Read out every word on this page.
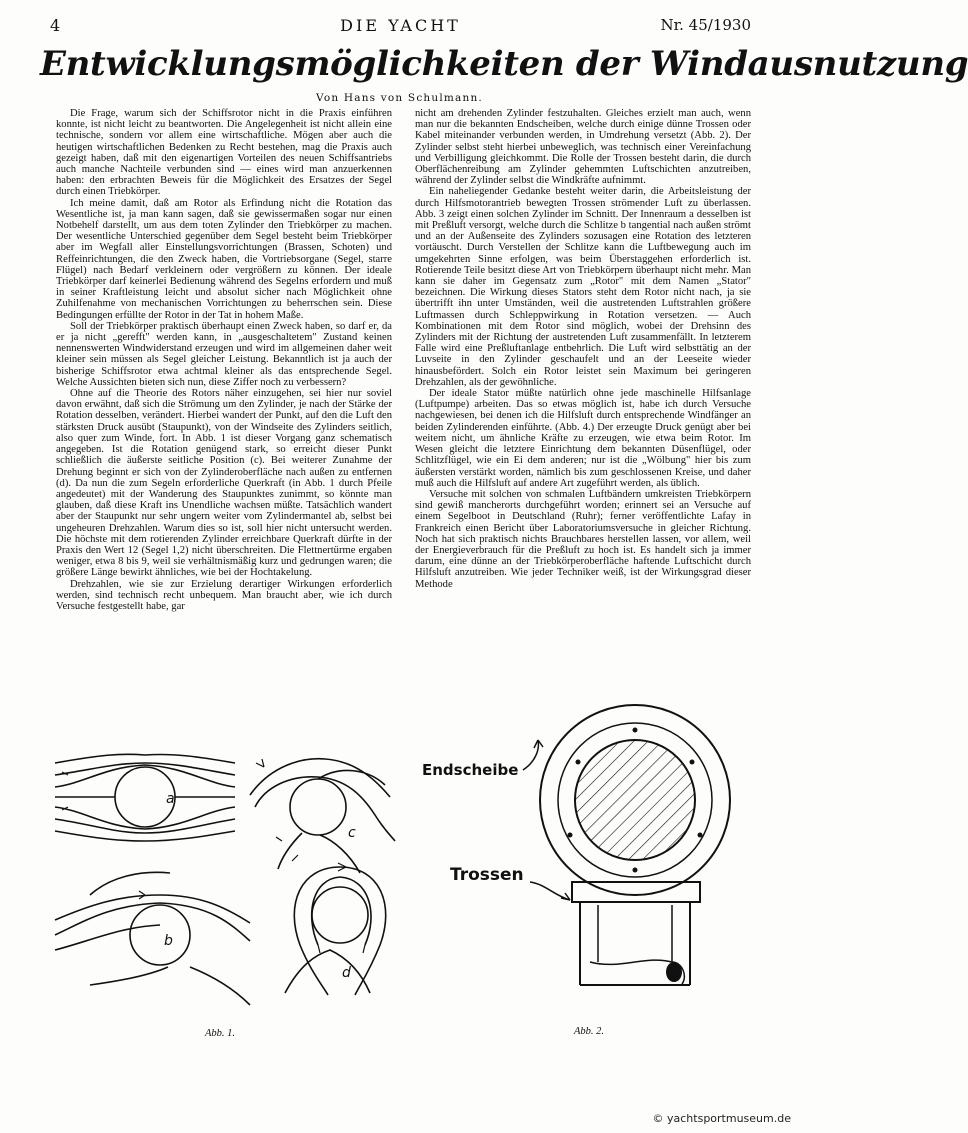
4	DIE YACHT	Nr. 45/1930
Entwicklungsmöglichkeiten der Windausnutzung
Von Hans von Schulmann.

Die Frage, warum sich der Schiffsrotor nicht in die Praxis einführen konnte, ist nicht leicht zu beantworten. Die Angelegenheit ist nicht allein eine technische, sondern vor allem eine wirtschaftliche. Mögen aber auch die heutigen wirtschaftlichen Bedenken zu Recht bestehen, mag die Praxis auch gezeigt haben, daß mit den eigenartigen Vorteilen des neuen Schiffsantriebs auch manche Nachteile verbunden sind — eines wird man anzuerkennen haben: den erbrachten Beweis für die Möglichkeit des Ersatzes der Segel durch einen Triebkörper.

Ich meine damit, daß am Rotor als Erfindung nicht die Rotation das Wesentliche ist, ja man kann sagen, daß sie gewissermaßen sogar nur einen Notbehelf darstellt, um aus dem toten Zylinder den Triebkörper zu machen. Der wesentliche Unterschied gegenüber dem Segel besteht beim Triebkörper aber im Wegfall aller Einstellungsvorrichtungen (Brassen, Schoten) und Reffeinrichtungen, die den Zweck haben, die Vortriebsorgane (Segel, starre Flügel) nach Bedarf verkleinern oder vergrößern zu können. Der ideale Triebkörper darf keinerlei Bedienung während des Segelns erfordern und muß in seiner Kraftleistung leicht und absolut sicher nach Möglichkeit ohne Zuhilfenahme von mechanischen Vorrichtungen zu beherrschen sein. Diese Bedingungen erfüllte der Rotor in der Tat in hohem Maße.

Soll der Triebkörper praktisch überhaupt einen Zweck haben, so darf er, da er ja nicht „gerefft" werden kann, in „ausgeschaltetem" Zustand keinen nennenswerten Windwiderstand erzeugen und wird im allgemeinen daher weit kleiner sein müssen als Segel gleicher Leistung. Bekanntlich ist ja auch der bisherige Schiffsrotor etwa achtmal kleiner als das entsprechende Segel. Welche Aussichten bieten sich nun, diese Ziffer noch zu verbessern?

Ohne auf die Theorie des Rotors näher einzugehen, sei hier nur soviel davon erwähnt, daß sich die Strömung um den Zylinder, je nach der Stärke der Rotation desselben, verändert. Hierbei wandert der Punkt, auf den die Luft den stärksten Druck ausübt (Staupunkt), von der Windseite des Zylinders seitlich, also quer zum Winde, fort. In Abb. 1 ist dieser Vorgang ganz schematisch angegeben. Ist die Rotation genügend stark, so erreicht dieser Punkt schließlich die äußerste seitliche Position (c). Bei weiterer Zunahme der Drehung beginnt er sich von der Zylinderoberfläche nach außen zu entfernen (d). Da nun die zum Segeln erforderliche Querkraft (in Abb. 1 durch Pfeile angedeutet) mit der Wanderung des Staupunktes zunimmt, so könnte man glauben, daß diese Kraft ins Unendliche wachsen müßte. Tatsächlich wandert aber der Staupunkt nur sehr ungern weiter vom Zylindermantel ab, selbst bei ungeheuren Drehzahlen. Warum dies so ist, soll hier nicht untersucht werden. Die höchste mit dem rotierenden Zylinder erreichbare Querkraft dürfte in der Praxis den Wert 12 (Segel 1,2) nicht überschreiten. Die Flettnertürme ergaben weniger, etwa 8 bis 9, weil sie verhältnismäßig kurz und gedrungen waren; die größere Länge bewirkt ähnliches, wie bei der Hochtakelung.

Drehzahlen, wie sie zur Erzielung derartiger Wirkungen erforderlich werden, sind technisch recht unbequem. Man braucht aber, wie ich durch Versuche festgestellt habe, gar

nicht am drehenden Zylinder festzuhalten. Gleiches erzielt man auch, wenn man nur die bekannten Endscheiben, welche durch einige dünne Trossen oder Kabel miteinander verbunden werden, in Umdrehung versetzt (Abb. 2). Der Zylinder selbst steht hierbei unbeweglich, was technisch einer Vereinfachung und Verbilligung gleichkommt. Die Rolle der Trossen besteht darin, die durch Oberflächenreibung am Zylinder gehemmten Luftschichten anzutreiben, während der Zylinder selbst die Windkräfte aufnimmt.

Ein naheliegender Gedanke besteht weiter darin, die Arbeitsleistung der durch Hilfsmotorantrieb bewegten Trossen strömender Luft zu überlassen. Abb. 3 zeigt einen solchen Zylinder im Schnitt. Der Innenraum a desselben ist mit Preßluft versorgt, welche durch die Schlitze b tangential nach außen strömt und an der Außenseite des Zylinders sozusagen eine Rotation des letzteren vortäuscht. Durch Verstellen der Schlitze kann die Luftbewegung auch im umgekehrten Sinne erfolgen, was beim Überstaggehen erforderlich ist. Rotierende Teile besitzt diese Art von Triebkörpern überhaupt nicht mehr. Man kann sie daher im Gegensatz zum „Rotor" mit dem Namen „Stator" bezeichnen. Die Wirkung dieses Stators steht dem Rotor nicht nach, ja sie übertrifft ihn unter Umständen, weil die austretenden Luftstrahlen größere Luftmassen durch Schleppwirkung in Rotation versetzen. — Auch Kombinationen mit dem Rotor sind möglich, wobei der Drehsinn des Zylinders mit der Richtung der austretenden Luft zusammenfällt. In letzterem Falle wird eine Preßluftanlage entbehrlich. Die Luft wird selbsttätig an der Luvseite in den Zylinder geschaufelt und an der Leeseite wieder hinausbefördert. Solch ein Rotor leistet sein Maximum bei geringeren Drehzahlen, als der gewöhnliche.

Der ideale Stator müßte natürlich ohne jede maschinelle Hilfsanlage (Luftpumpe) arbeiten. Das so etwas möglich ist, habe ich durch Versuche nachgewiesen, bei denen ich die Hilfsluft durch entsprechende Windfänger an beiden Zylinderenden einführte. (Abb. 4.) Der erzeugte Druck genügt aber bei weitem nicht, um ähnliche Kräfte zu erzeugen, wie etwa beim Rotor. Im Wesen gleicht die letztere Einrichtung dem bekannten Düsenflügel, oder Schlitzflügel, wie ein Ei dem anderen; nur ist die „Wölbung" hier bis zum äußersten verstärkt worden, nämlich bis zum geschlossenen Kreise, und daher muß auch die Hilfsluft auf andere Art zugeführt werden, als üblich.

Versuche mit solchen von schmalen Luftbändern umkreisten Triebkörpern sind gewiß mancherorts durchgeführt worden; erinnert sei an Versuche auf einem Segelboot in Deutschland (Ruhr); ferner veröffentlichte Lafay in Frankreich einen Bericht über Laboratoriumsversuche in gleicher Richtung. Noch hat sich praktisch nichts Brauchbares herstellen lassen, vor allem, weil der Energieverbrauch für die Preßluft zu hoch ist. Es handelt sich ja immer darum, eine dünne an der Triebkörperoberfläche haftende Luftschicht durch Hilfsluft anzutreiben. Wie jeder Techniker weiß, ist der Wirkungsgrad dieser Methode

a
c
b
d
Abb. 1.
Endscheibe
Trossen
Abb. 2.
© yachtsportmuseum.de
